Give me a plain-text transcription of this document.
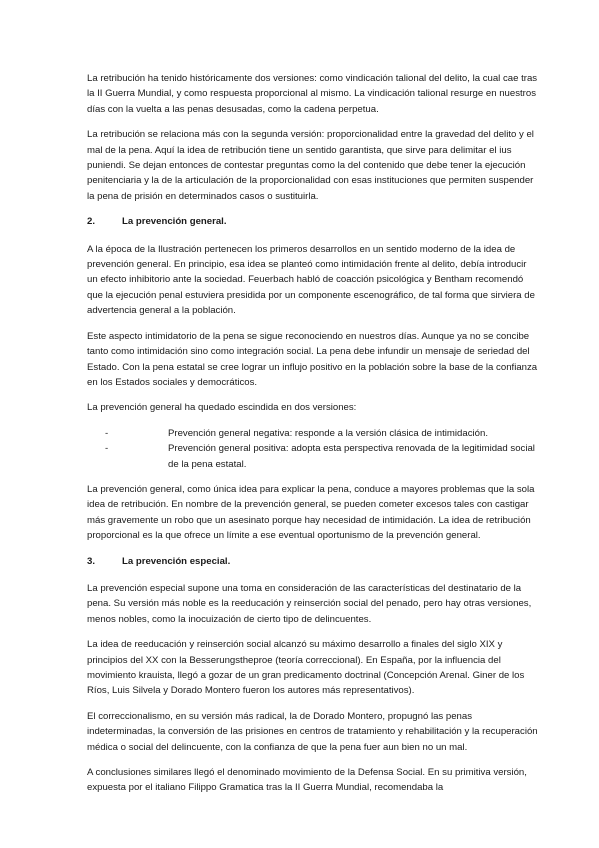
La retribución ha tenido históricamente dos versiones: como vindicación talional del delito, la cual cae tras la II Guerra Mundial, y como respuesta proporcional al mismo. La vindicación talional resurge en nuestros días con la vuelta a las penas desusadas, como la cadena perpetua.

La retribución se relaciona más con la segunda versión: proporcionalidad entre la gravedad del delito y el mal de la pena. Aquí la idea de retribución tiene un sentido garantista, que sirve para delimitar el ius puniendi. Se dejan entonces de contestar preguntas como la del contenido que debe tener la ejecución penitenciaria y la de la articulación de la proporcionalidad con esas instituciones que permiten suspender la pena de prisión en determinados casos o sustituirla.

2.	La prevención general.

A la época de la Ilustración pertenecen los primeros desarrollos en un sentido moderno de la idea de prevención general. En principio, esa idea se planteó como intimidación frente al delito, debía introducir un efecto inhibitorio ante la sociedad. Feuerbach habló de coacción psicológica y Bentham recomendó que la ejecución penal estuviera presidida por un componente escenográfico, de tal forma que sirviera de advertencia general a la población.

Este aspecto intimidatorio de la pena se sigue reconociendo en nuestros días. Aunque ya no se concibe tanto como intimidación sino como integración social. La pena debe infundir un mensaje de seriedad del Estado. Con la pena estatal se cree lograr un influjo positivo en la población sobre la base de la confianza en los Estados sociales y democráticos.

La prevención general ha quedado escindida en dos versiones:

-	Prevención general negativa: responde a la versión clásica de intimidación.
-	Prevención general positiva: adopta esta perspectiva renovada de la legitimidad social de la pena estatal.

La prevención general, como única idea para explicar la pena, conduce a mayores problemas que la sola idea de retribución. En nombre de la prevención general, se pueden cometer excesos tales con castigar más gravemente un robo que un asesinato porque hay necesidad de intimidación. La idea de retribución proporcional es la que ofrece un límite a ese eventual oportunismo de la prevención general.

3.	La prevención especial.

La prevención especial supone una toma en consideración de las características del destinatario de la pena. Su versión más noble es la reeducación y reinserción social del penado, pero hay otras versiones, menos nobles, como la inocuización de cierto tipo de delincuentes.

La idea de reeducación y reinserción social alcanzó su máximo desarrollo a finales del siglo XIX y principios del XX con la Besserungstheproe (teoría correccional). En España, por la influencia del movimiento krauista, llegó a gozar de un gran predicamento doctrinal (Concepción Arenal. Giner de los Ríos, Luis Silvela y Dorado Montero fueron los autores más representativos).

El correccionalismo, en su versión más radical, la de Dorado Montero, propugnó las penas indeterminadas, la conversión de las prisiones en centros de tratamiento y rehabilitación y la recuperación médica o social del delincuente, con la confianza de que la pena fuer aun bien no un mal.

A conclusiones similares llegó el denominado movimiento de la Defensa Social. En su primitiva versión, expuesta por el italiano Filippo Gramatica tras la II Guerra Mundial, recomendaba la
